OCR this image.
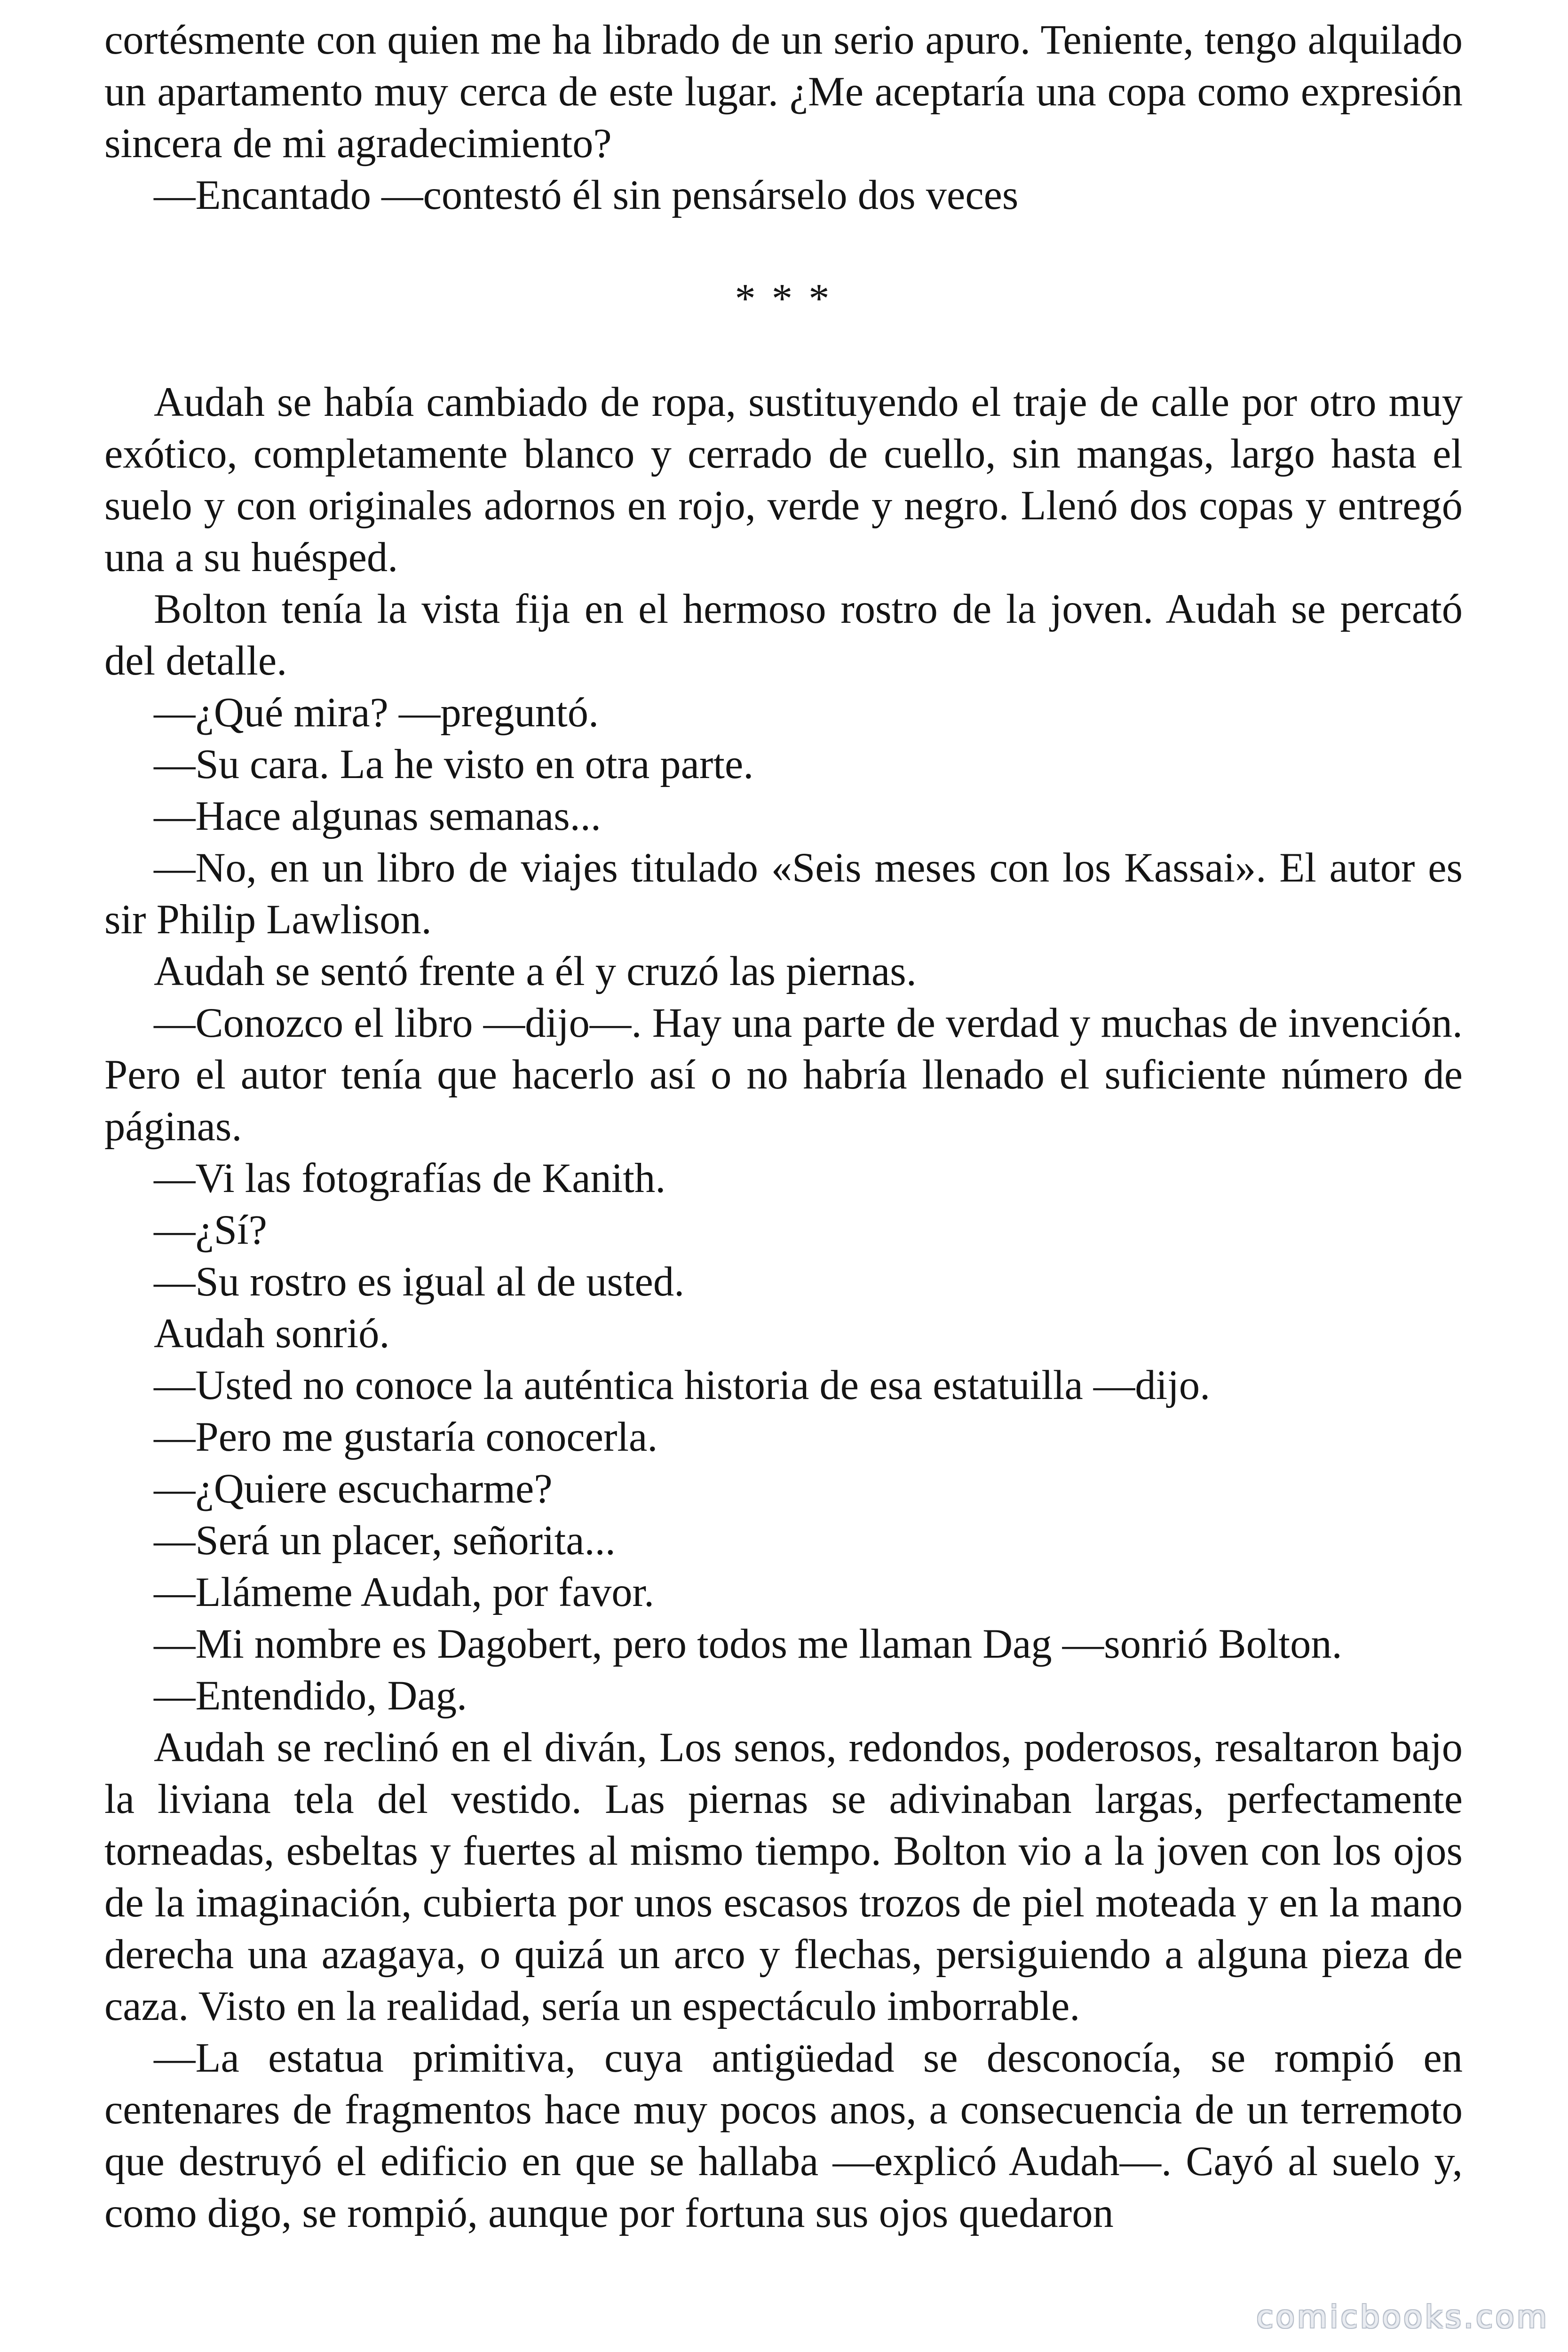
cortésmente con quien me ha librado de un serio apuro. Teniente, tengo alquilado un apartamento muy cerca de este lugar. ¿Me aceptaría una copa como expresión sincera de mi agradecimiento?

—Encantado —contestó él sin pensárselo dos veces

* * *

Audah se había cambiado de ropa, sustituyendo el traje de calle por otro muy exótico, completamente blanco y cerrado de cuello, sin mangas, largo hasta el suelo y con originales adornos en rojo, verde y negro. Llenó dos copas y entregó una a su huésped.

Bolton tenía la vista fija en el hermoso rostro de la joven. Audah se percató del detalle.

—¿Qué mira? —preguntó.

—Su cara. La he visto en otra parte.

—Hace algunas semanas...

—No, en un libro de viajes titulado «Seis meses con los Kassai». El autor es sir Philip Lawlison.

Audah se sentó frente a él y cruzó las piernas.

—Conozco el libro —dijo—. Hay una parte de verdad y muchas de invención. Pero el autor tenía que hacerlo así o no habría llenado el suficiente número de páginas.

—Vi las fotografías de Kanith.

—¿Sí?

—Su rostro es igual al de usted.

Audah sonrió.

—Usted no conoce la auténtica historia de esa estatuilla —dijo.

—Pero me gustaría conocerla.

—¿Quiere escucharme?

—Será un placer, señorita...

—Llámeme Audah, por favor.

—Mi nombre es Dagobert, pero todos me llaman Dag —sonrió Bolton.

—Entendido, Dag.

Audah se reclinó en el diván, Los senos, redondos, poderosos, resaltaron bajo la liviana tela del vestido. Las piernas se adivinaban largas, perfectamente torneadas, esbeltas y fuertes al mismo tiempo. Bolton vio a la joven con los ojos de la imaginación, cubierta por unos escasos trozos de piel moteada y en la mano derecha una azagaya, o quizá un arco y flechas, persiguiendo a alguna pieza de caza. Visto en la realidad, sería un espectáculo imborrable.

—La estatua primitiva, cuya antigüedad se desconocía, se rompió en centenares de fragmentos hace muy pocos anos, a consecuencia de un terremoto que destruyó el edificio en que se hallaba —explicó Audah—. Cayó al suelo y, como digo, se rompió, aunque por fortuna sus ojos quedaron

comicbooks.com
